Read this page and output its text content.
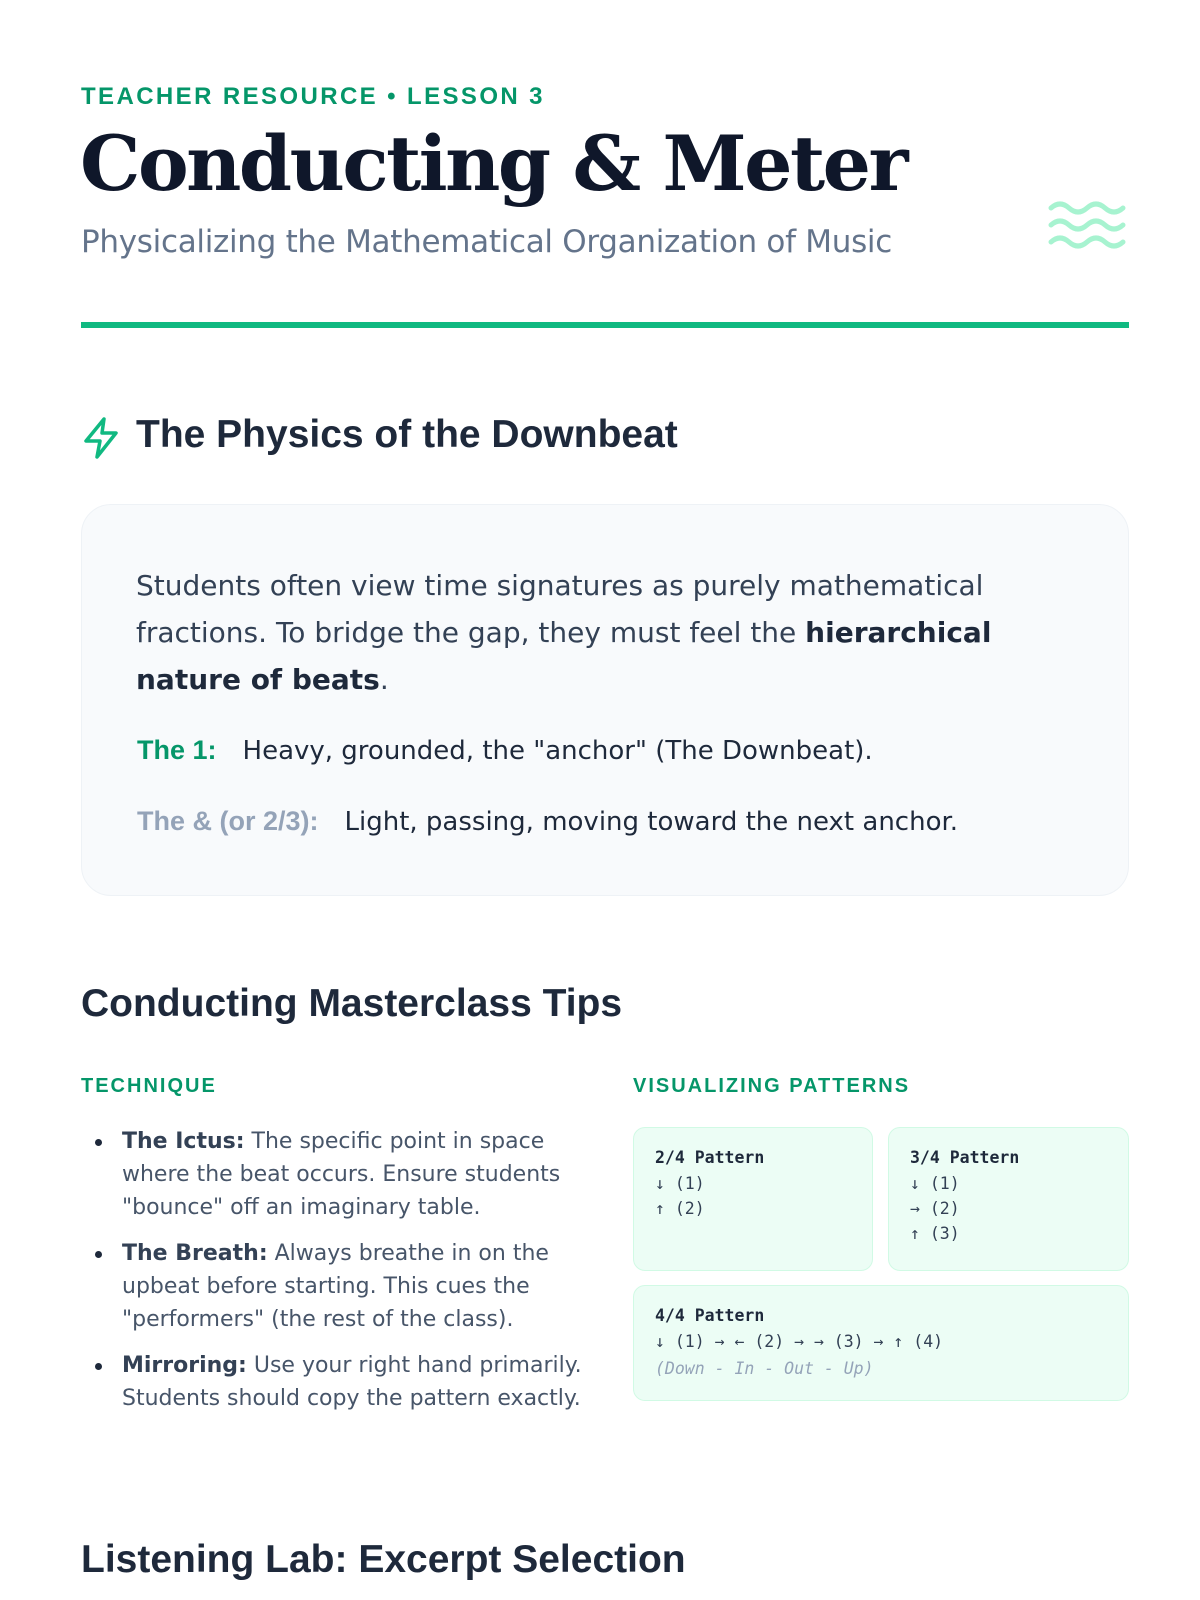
TEACHER RESOURCE • LESSON 3
Conducting & Meter
Physicalizing the Mathematical Organization of Music
The Physics of the Downbeat

Students often view time signatures as purely mathematical fractions. To bridge the gap, they must feel the hierarchical nature of beats.

The 1: Heavy, grounded, the "anchor" (The Downbeat).
The & (or 2/3): Light, passing, moving toward the next anchor.
Conducting Masterclass Tips
TECHNIQUE	VISUALIZING PATTERNS
The Ictus: The specific point in space where the beat occurs. Ensure students "bounce" off an imaginary table.
The Breath: Always breathe in on the upbeat before starting. This cues the "performers" (the rest of the class).
Mirroring: Use your right hand primarily. Students should copy the pattern exactly.
2/4 Pattern
↓ (1)
↑ (2)
3/4 Pattern
↓ (1)
→ (2)
↑ (3)
4/4 Pattern
↓ (1) → ← (2) → → (3) → ↑ (4)
(Down - In - Out - Up)
Listening Lab: Excerpt Selection
